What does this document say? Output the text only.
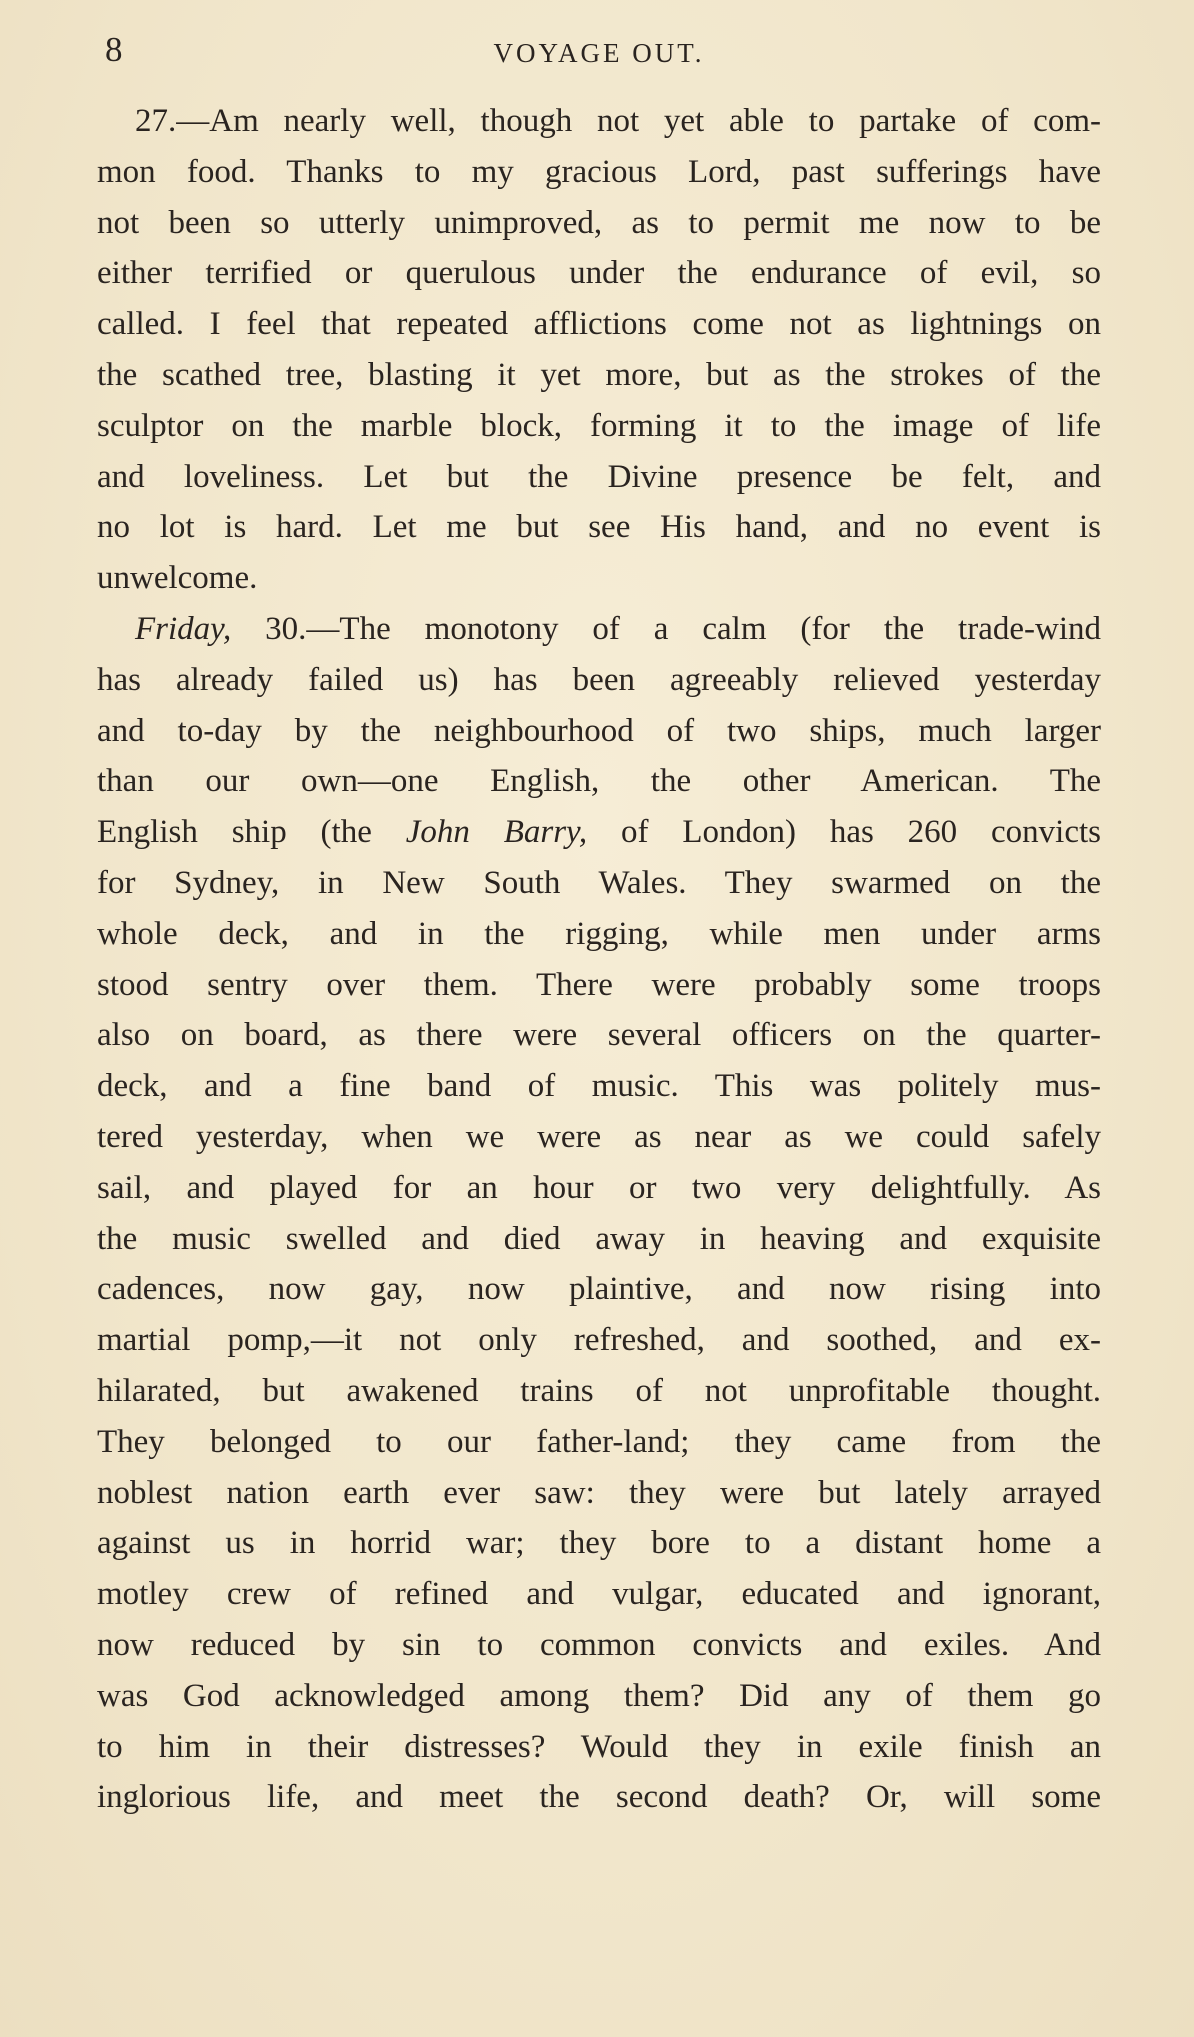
8	VOYAGE OUT.
27.—Am nearly well, though not yet able to partake of com-
mon food. Thanks to my gracious Lord, past sufferings have
not been so utterly unimproved, as to permit me now to be
either terrified or querulous under the endurance of evil, so
called. I feel that repeated afflictions come not as lightnings on
the scathed tree, blasting it yet more, but as the strokes of the
sculptor on the marble block, forming it to the image of life
and loveliness. Let but the Divine presence be felt, and
no lot is hard. Let me but see His hand, and no event is
unwelcome.
Friday, 30.—The monotony of a calm (for the trade-wind
has already failed us) has been agreeably relieved yesterday
and to-day by the neighbourhood of two ships, much larger
than our own—one English, the other American. The
English ship (the John Barry, of London) has 260 convicts
for Sydney, in New South Wales. They swarmed on the
whole deck, and in the rigging, while men under arms
stood sentry over them. There were probably some troops
also on board, as there were several officers on the quarter-
deck, and a fine band of music. This was politely mus-
tered yesterday, when we were as near as we could safely
sail, and played for an hour or two very delightfully. As
the music swelled and died away in heaving and exquisite
cadences, now gay, now plaintive, and now rising into
martial pomp,—it not only refreshed, and soothed, and ex-
hilarated, but awakened trains of not unprofitable thought.
They belonged to our father-land; they came from the
noblest nation earth ever saw: they were but lately arrayed
against us in horrid war; they bore to a distant home a
motley crew of refined and vulgar, educated and ignorant,
now reduced by sin to common convicts and exiles. And
was God acknowledged among them? Did any of them go
to him in their distresses? Would they in exile finish an
inglorious life, and meet the second death? Or, will some
